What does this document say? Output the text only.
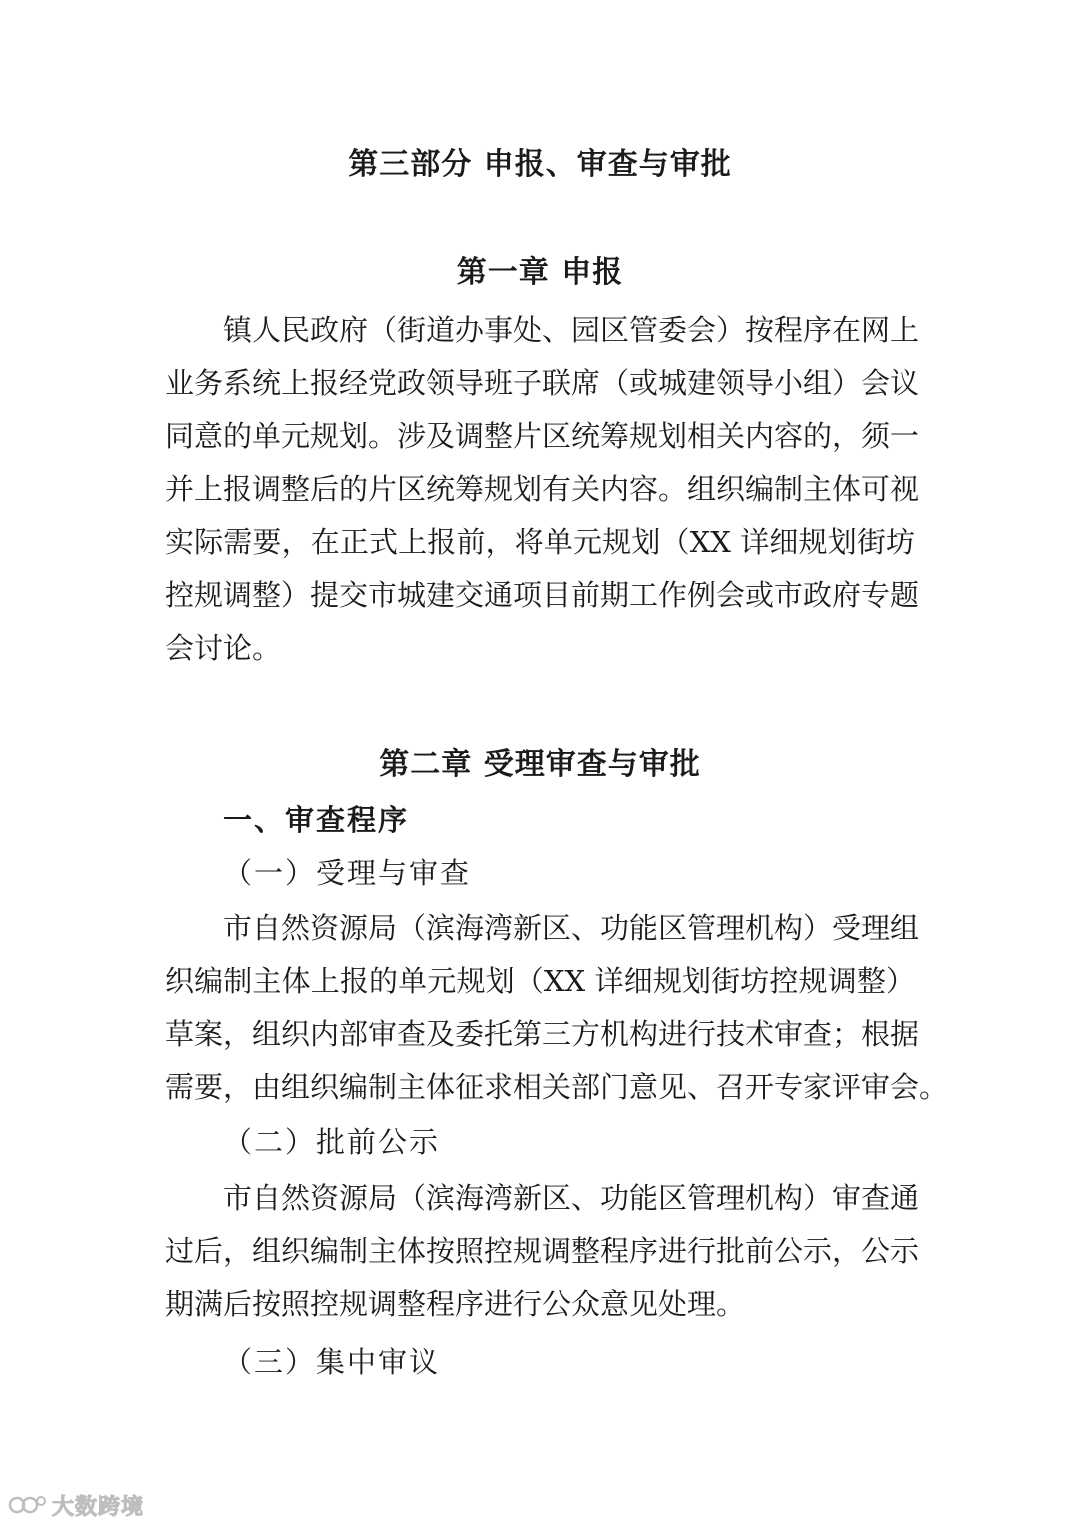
第三部分 申报、审查与审批
第一章 申报
镇人民政府（街道办事处、园区管委会）按程序在网上
业务系统上报经党政领导班子联席（或城建领导小组）会议
同意的单元规划。涉及调整片区统筹规划相关内容的，须一
并上报调整后的片区统筹规划有关内容。组织编制主体可视
实际需要，在正式上报前，将单元规划（XX 详细规划街坊
控规调整）提交市城建交通项目前期工作例会或市政府专题
会讨论。
第二章 受理审查与审批
一、审查程序
（一）受理与审查
市自然资源局（滨海湾新区、功能区管理机构）受理组
织编制主体上报的单元规划（XX 详细规划街坊控规调整）
草案，组织内部审查及委托第三方机构进行技术审查；根据
需要，由组织编制主体征求相关部门意见、召开专家评审会。
（二）批前公示
市自然资源局（滨海湾新区、功能区管理机构）审查通
过后，组织编制主体按照控规调整程序进行批前公示，公示
期满后按照控规调整程序进行公众意见处理。
（三）集中审议
大数跨境
